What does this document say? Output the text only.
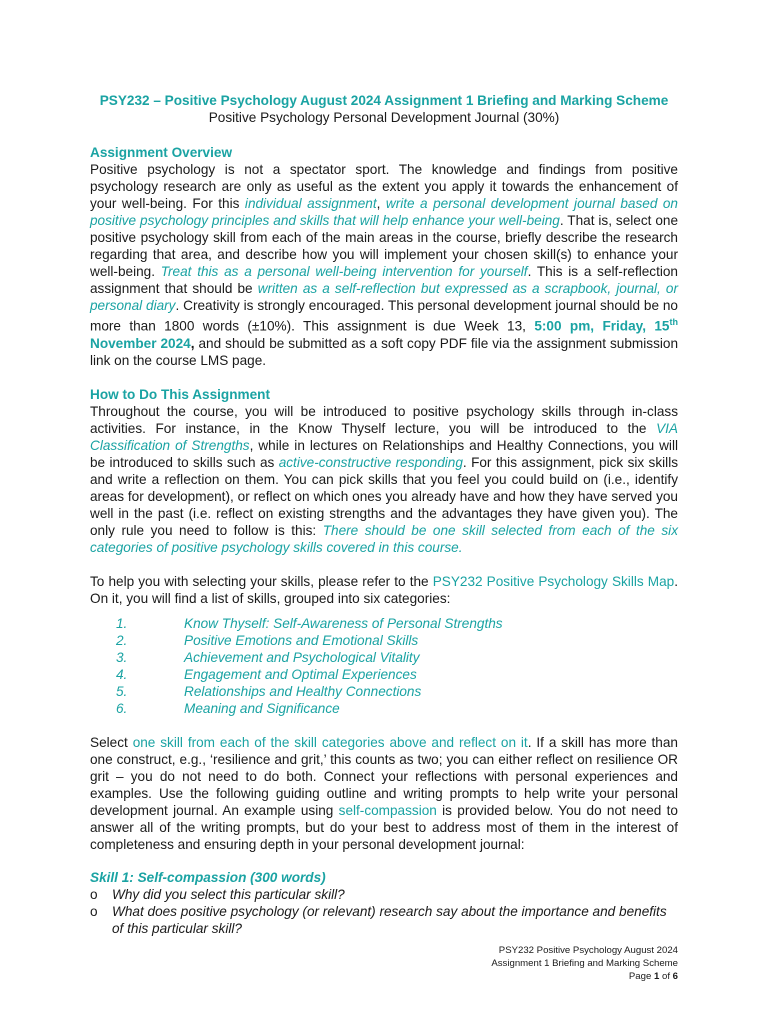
PSY232 – Positive Psychology August 2024 Assignment 1 Briefing and Marking Scheme
Positive Psychology Personal Development Journal (30%)
Assignment Overview

Positive psychology is not a spectator sport. The knowledge and findings from positive psychology research are only as useful as the extent you apply it towards the enhancement of your well-being. For this individual assignment, write a personal development journal based on positive psychology principles and skills that will help enhance your well-being. That is, select one positive psychology skill from each of the main areas in the course, briefly describe the research regarding that area, and describe how you will implement your chosen skill(s) to enhance your well-being. Treat this as a personal well-being intervention for yourself. This is a self-reflection assignment that should be written as a self-reflection but expressed as a scrapbook, journal, or personal diary. Creativity is strongly encouraged. This personal development journal should be no more than 1800 words (±10%). This assignment is due Week 13, 5:00 pm, Friday, 15th November 2024, and should be submitted as a soft copy PDF file via the assignment submission link on the course LMS page.

How to Do This Assignment

Throughout the course, you will be introduced to positive psychology skills through in-class activities. For instance, in the Know Thyself lecture, you will be introduced to the VIA Classification of Strengths, while in lectures on Relationships and Healthy Connections, you will be introduced to skills such as active-constructive responding. For this assignment, pick six skills and write a reflection on them. You can pick skills that you feel you could build on (i.e., identify areas for development), or reflect on which ones you already have and how they have served you well in the past (i.e. reflect on existing strengths and the advantages they have given you). The only rule you need to follow is this: There should be one skill selected from each of the six categories of positive psychology skills covered in this course.

To help you with selecting your skills, please refer to the PSY232 Positive Psychology Skills Map. On it, you will find a list of skills, grouped into six categories:

1.	Know Thyself: Self-Awareness of Personal Strengths
2.	Positive Emotions and Emotional Skills
3.	Achievement and Psychological Vitality
4.	Engagement and Optimal Experiences
5.	Relationships and Healthy Connections
6.	Meaning and Significance

Select one skill from each of the skill categories above and reflect on it. If a skill has more than one construct, e.g., ‘resilience and grit,’ this counts as two; you can either reflect on resilience OR grit – you do not need to do both. Connect your reflections with personal experiences and examples. Use the following guiding outline and writing prompts to help write your personal development journal. An example using self-compassion is provided below. You do not need to answer all of the writing prompts, but do your best to address most of them in the interest of completeness and ensuring depth in your personal development journal:

Skill 1: Self-compassion (300 words)
o	Why did you select this particular skill?
o	What does positive psychology (or relevant) research say about the importance and benefits of this particular skill?
PSY232 Positive Psychology August 2024
Assignment 1 Briefing and Marking Scheme
Page 1 of 6
